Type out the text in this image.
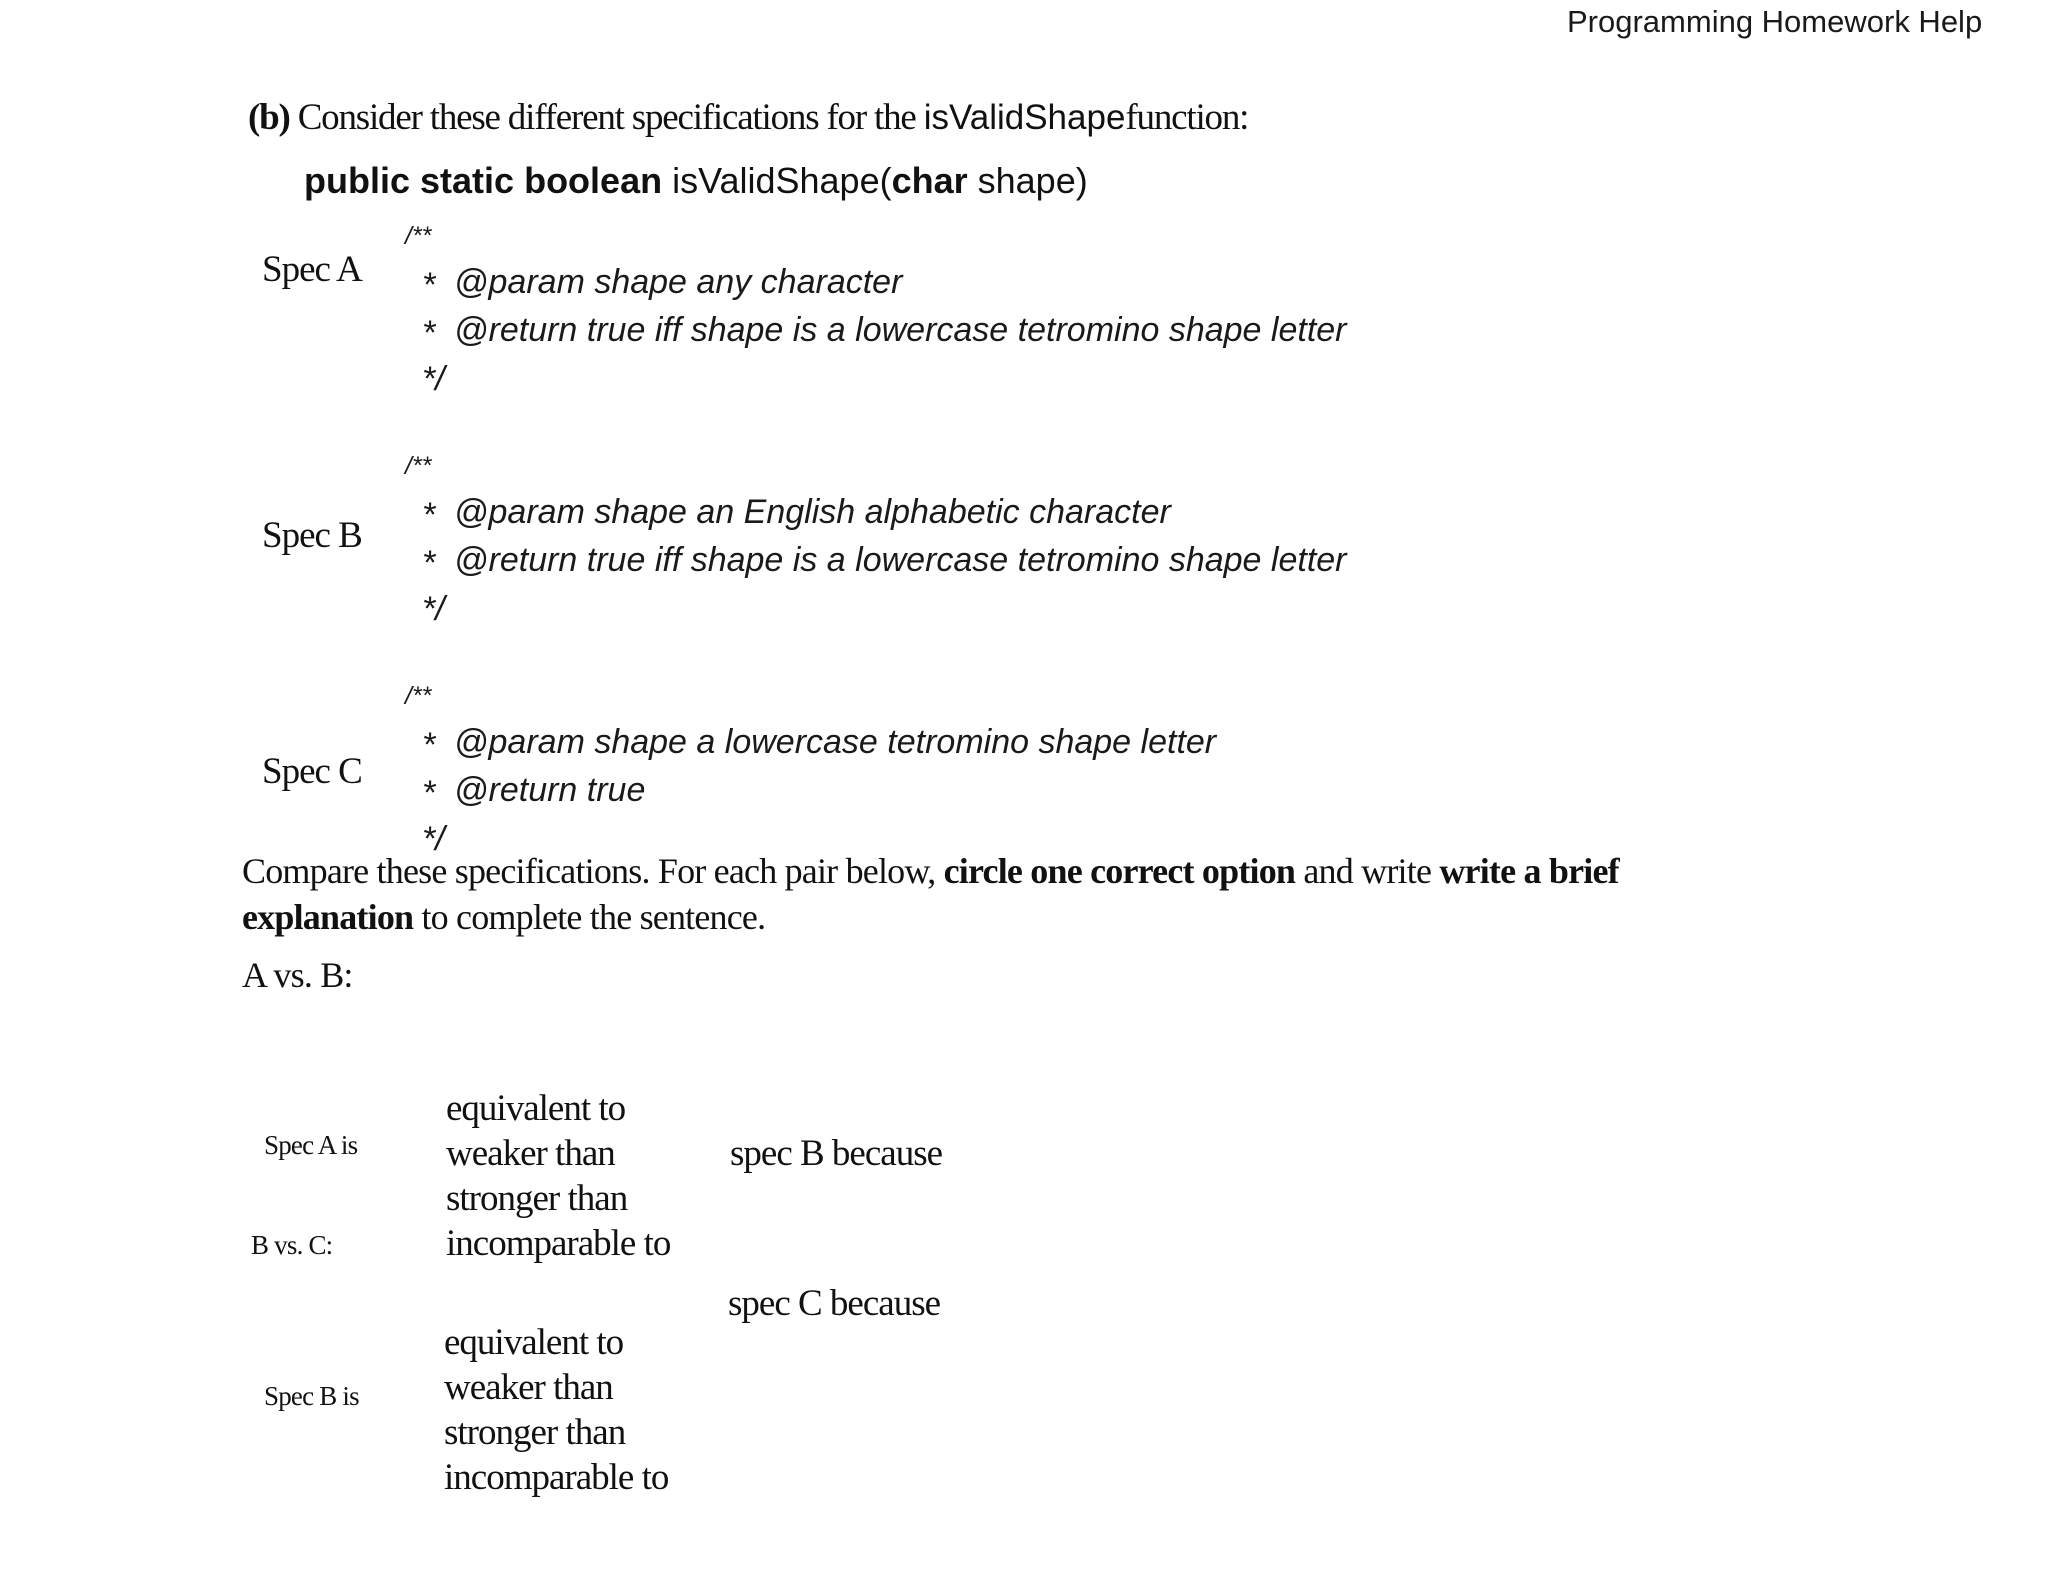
Programming Homework Help
(b) Consider these different specifications for the isValidShapefunction:
public static boolean isValidShape(char shape)
Spec A
/**
* @param shape any character
* @return true iff shape is a lowercase tetromino shape letter
*/
Spec B
/**
* @param shape an English alphabetic character
* @return true iff shape is a lowercase tetromino shape letter
*/
Spec C
/**
* @param shape a lowercase tetromino shape letter
* @return true
*/
Compare these specifications. For each pair below, circle one correct option and write write a brief explanation to complete the sentence.
A vs. B:
Spec A is
equivalent to
weaker than
stronger than
incomparable to
spec B because
B vs. C:
spec C because
Spec B is
equivalent to
weaker than
stronger than
incomparable to
